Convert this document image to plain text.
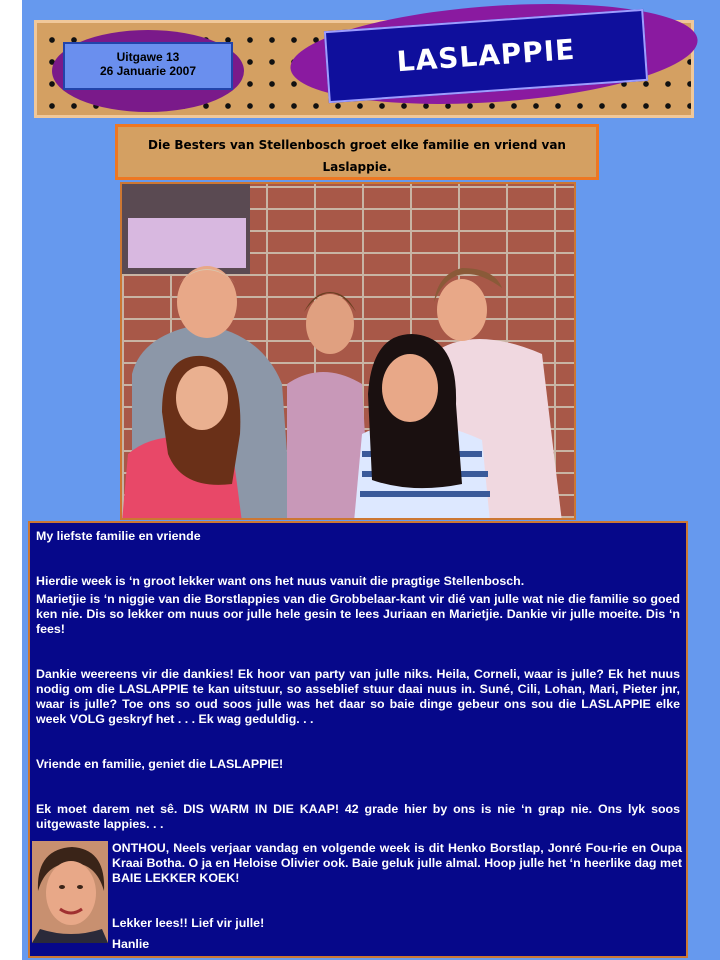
Uitgawe 13
26 Januarie 2007	LASLAPPIE
Die Besters van Stellenbosch groet elke familie en vriend van Laslappie.

My liefste familie en vriende

Hierdie week is ‘n groot lekker want ons het nuus vanuit die pragtige Stellenbosch.

Marietjie is ‘n niggie van die Borstlappies van die Grobbelaar-kant vir dié van julle wat nie die familie so goed ken nie. Dis so lekker om nuus oor julle hele gesin te lees Juriaan en Marietjie. Dankie vir julle moeite. Dis ‘n fees!

Dankie weereens vir die dankies! Ek hoor van party van julle niks. Heila, Corneli, waar is julle? Ek het nuus nodig om die LASLAPPIE te kan uitstuur, so asseblief stuur daai nuus in. Suné, Cili, Lohan, Mari, Pieter jnr, waar is julle? Toe ons so oud soos julle was het daar so baie dinge gebeur ons sou die LASLAPPIE elke week VOLG geskryf het . . . Ek wag geduldig. . .

Vriende en familie, geniet die LASLAPPIE!

Ek moet darem net sê. DIS WARM IN DIE KAAP! 42 grade hier by ons is nie ‘n grap nie. Ons lyk soos uitgewaste lappies. . .

ONTHOU, Neels verjaar vandag en volgende week is dit Henko Borstlap, Jonré Fou-rie en Oupa Kraai Botha. O ja en Heloise Olivier ook. Baie geluk julle almal. Hoop julle het ‘n heerlike dag met BAIE LEKKER KOEK!

Lekker lees!! Lief vir julle!

Hanlie
